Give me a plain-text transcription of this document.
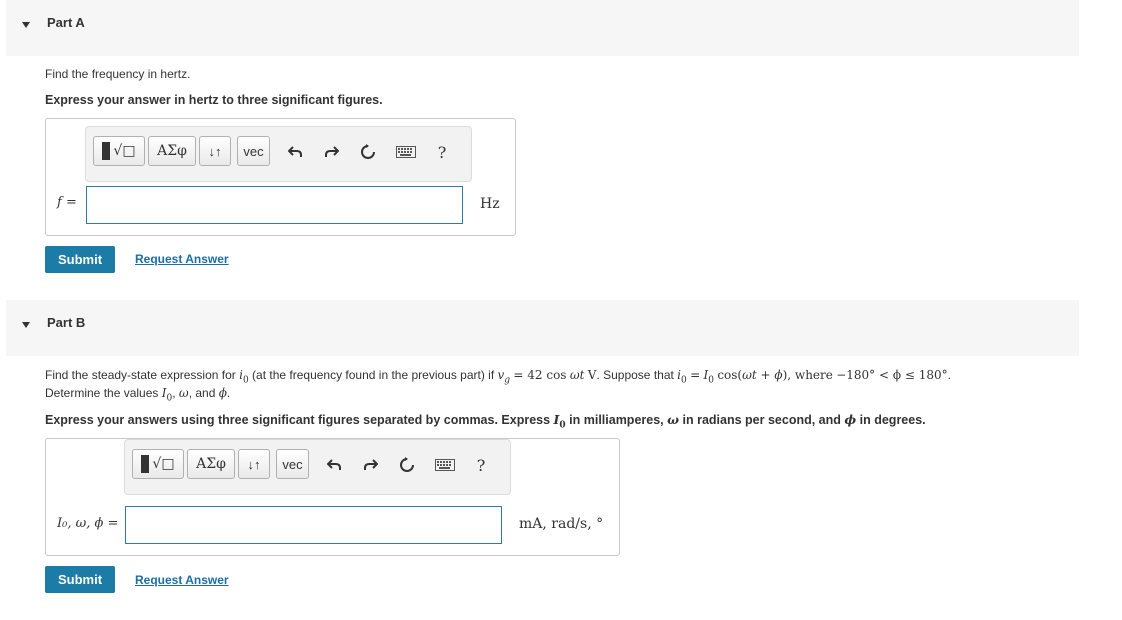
Part A
Find the frequency in hertz.
Express your answer in hertz to three significant figures.
√□	ΑΣφ	↓↑	vec	?
f =	Hz
Submit	Request Answer
Part B
Find the steady-state expression for $i_0$ (at the frequency found in the previous part) if $v_g = 42$ cos ωt V. Suppose that $i_0 = I_0$ cos(ωt + ϕ), where −180° < ϕ ≤ 180°.
Determine the values $I_0$, ω, and ϕ.
Express your answers using three significant figures separated by commas. Express $I_0$ in milliamperes, ω in radians per second, and ϕ in degrees.
√□	ΑΣφ	↓↑	vec	?
I₀, ω, ϕ =	mA, rad/s, °
Submit	Request Answer
